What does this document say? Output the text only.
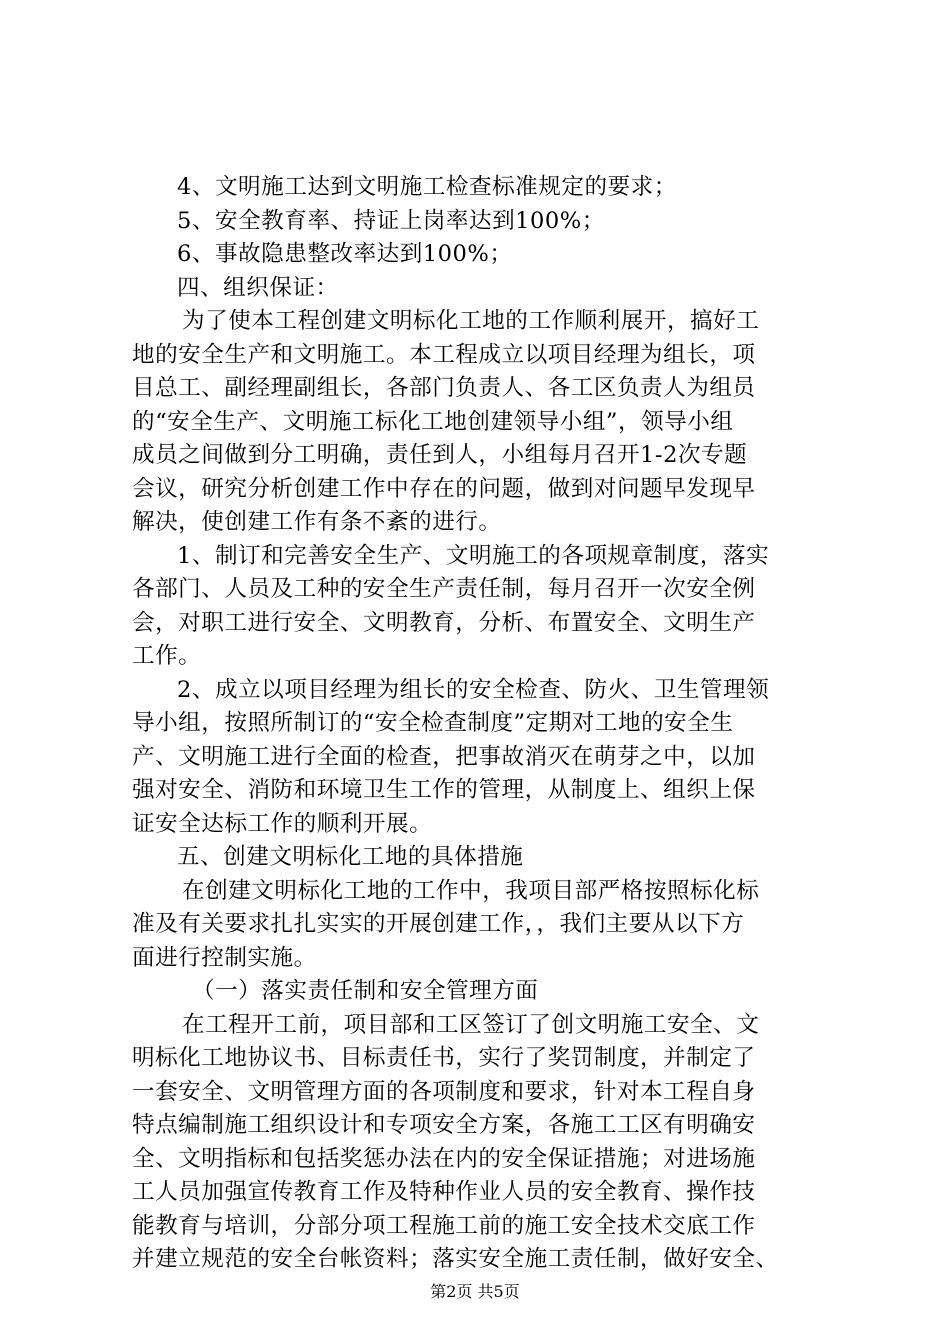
4、文明施工达到文明施工检查标准规定的要求；
5、安全教育率、持证上岗率达到100%；
6、事故隐患整改率达到100%；
四、组织保证：
为了使本工程创建文明标化工地的工作顺利展开，搞好工
地的安全生产和文明施工。本工程成立以项目经理为组长，项
目总工、副经理副组长，各部门负责人、各工区负责人为组员
的“安全生产、文明施工标化工地创建领导小组”，领导小组
成员之间做到分工明确，责任到人，小组每月召开1-2次专题
会议，研究分析创建工作中存在的问题，做到对问题早发现早
解决，使创建工作有条不紊的进行。
1、制订和完善安全生产、文明施工的各项规章制度，落实
各部门、人员及工种的安全生产责任制，每月召开一次安全例
会，对职工进行安全、文明教育，分析、布置安全、文明生产
工作。
2、成立以项目经理为组长的安全检查、防火、卫生管理领
导小组，按照所制订的“安全检查制度”定期对工地的安全生
产、文明施工进行全面的检查，把事故消灭在萌芽之中，以加
强对安全、消防和环境卫生工作的管理，从制度上、组织上保
证安全达标工作的顺利开展。
五、创建文明标化工地的具体措施
在创建文明标化工地的工作中，我项目部严格按照标化标
准及有关要求扎扎实实的开展创建工作，，我们主要从以下方
面进行控制实施。
（一）落实责任制和安全管理方面
在工程开工前，项目部和工区签订了创文明施工安全、文
明标化工地协议书、目标责任书，实行了奖罚制度，并制定了
一套安全、文明管理方面的各项制度和要求，针对本工程自身
特点编制施工组织设计和专项安全方案，各施工工区有明确安
全、文明指标和包括奖惩办法在内的安全保证措施；对进场施
工人员加强宣传教育工作及特种作业人员的安全教育、操作技
能教育与培训，分部分项工程施工前的施工安全技术交底工作
并建立规范的安全台帐资料；落实安全施工责任制，做好安全、
第2页 共5页
